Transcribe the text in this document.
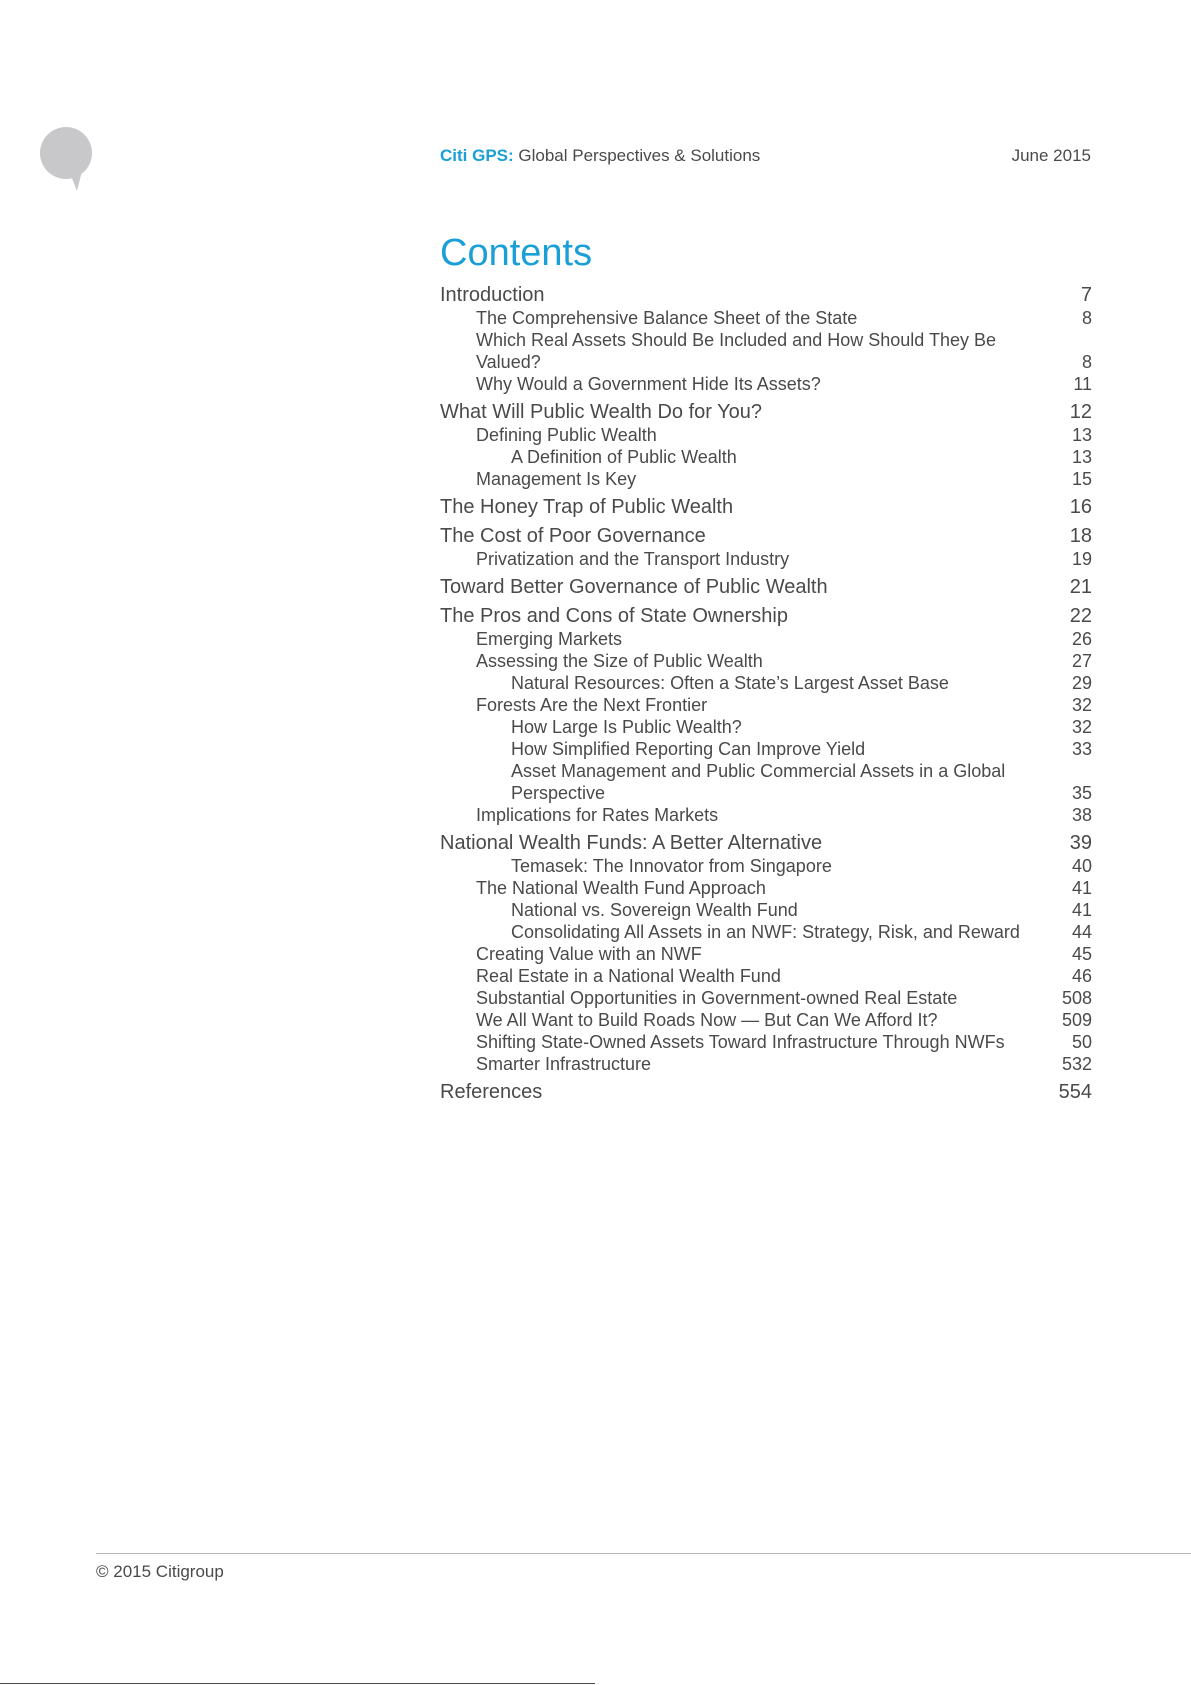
Citi GPS: Global Perspectives & Solutions	June 2015
Contents
Introduction	7
The Comprehensive Balance Sheet of the State	8
Which Real Assets Should Be Included and How Should They Be Valued?	8
Why Would a Government Hide Its Assets?	11
What Will Public Wealth Do for You?	12
Defining Public Wealth	13
A Definition of Public Wealth	13
Management Is Key	15
The Honey Trap of Public Wealth	16
The Cost of Poor Governance	18
Privatization and the Transport Industry	19
Toward Better Governance of Public Wealth	21
The Pros and Cons of State Ownership	22
Emerging Markets	26
Assessing the Size of Public Wealth	27
Natural Resources: Often a State’s Largest Asset Base	29
Forests Are the Next Frontier	32
How Large Is Public Wealth?	32
How Simplified Reporting Can Improve Yield	33
Asset Management and Public Commercial Assets in a Global Perspective	35
Implications for Rates Markets	38
National Wealth Funds: A Better Alternative	39
Temasek: The Innovator from Singapore	40
The National Wealth Fund Approach	41
National vs. Sovereign Wealth Fund	41
Consolidating All Assets in an NWF: Strategy, Risk, and Reward	44
Creating Value with an NWF	45
Real Estate in a National Wealth Fund	46
Substantial Opportunities in Government-owned Real Estate	508
We All Want to Build Roads Now — But Can We Afford It?	509
Shifting State-Owned Assets Toward Infrastructure Through NWFs	50
Smarter Infrastructure	532
References	554
© 2015 Citigroup
